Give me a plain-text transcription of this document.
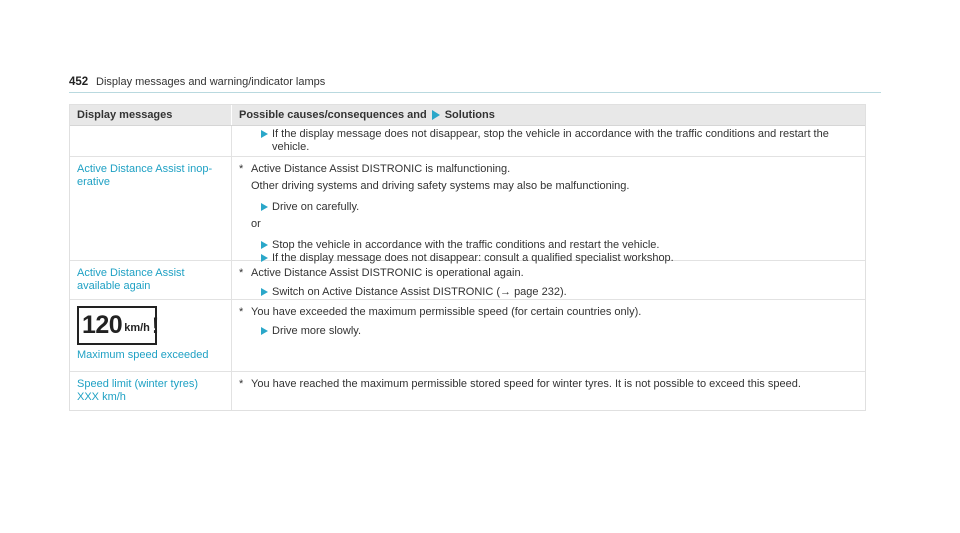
452 Display messages and warning/indicator lamps
Display messages	Possible causes/consequences and Solutions
If the display message does not disappear, stop the vehicle in accordance with the traffic conditions and restart the vehicle.
Active Distance Assist inop-
erative
* Active Distance Assist DISTRONIC is malfunctioning.
Other driving systems and driving safety systems may also be malfunctioning.
Drive on carefully.
or
Stop the vehicle in accordance with the traffic conditions and restart the vehicle.
If the display message does not disappear: consult a qualified specialist workshop.
Active Distance Assist
available again
* Active Distance Assist DISTRONIC is operational again.
Switch on Active Distance Assist DISTRONIC (→ page 232).
120 km/h !
Maximum speed exceeded
* You have exceeded the maximum permissible speed (for certain countries only).
Drive more slowly.
Speed limit (winter tyres)
XXX km/h
* You have reached the maximum permissible stored speed for winter tyres. It is not possible to exceed this speed.
